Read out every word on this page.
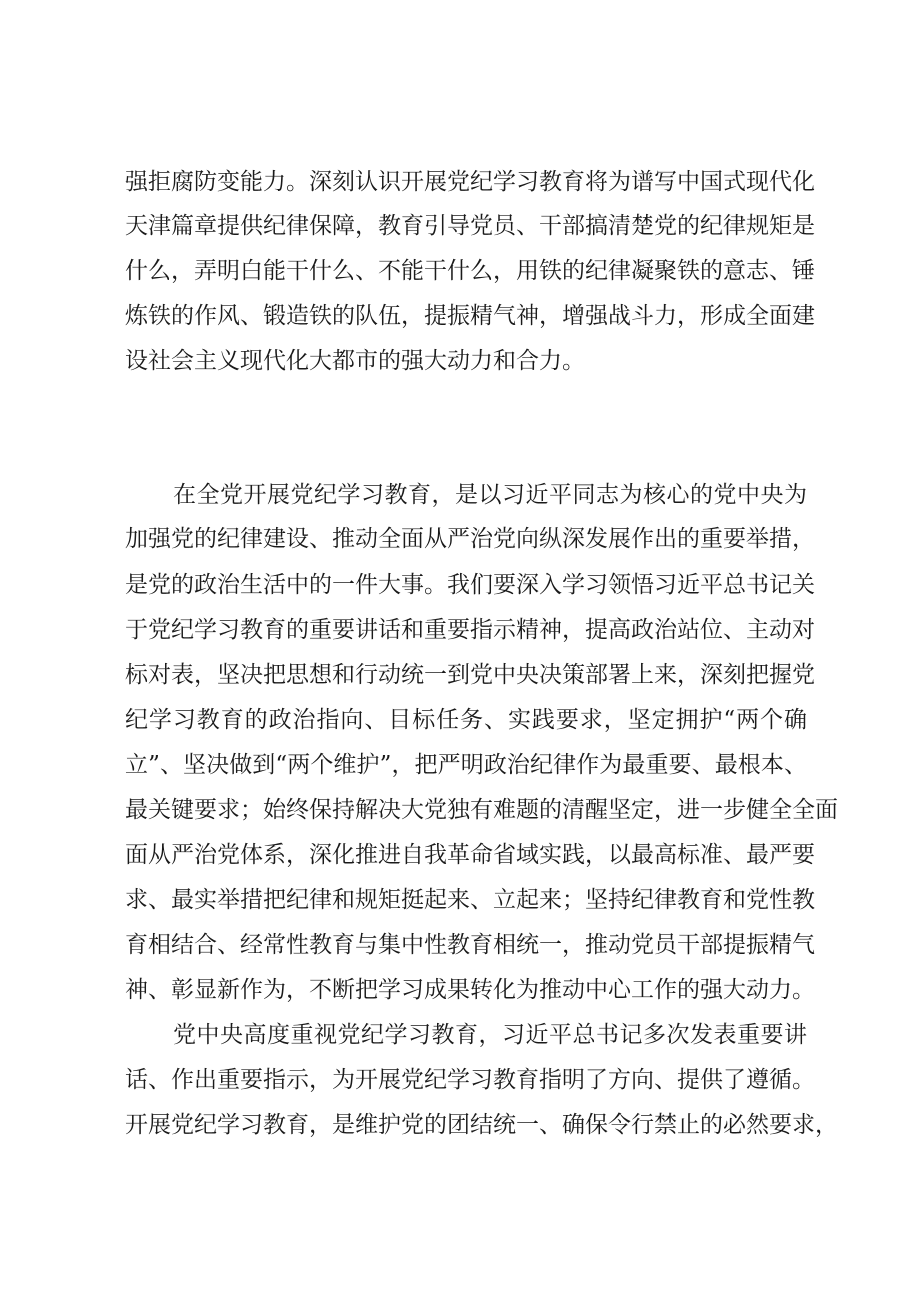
强拒腐防变能力。深刻认识开展党纪学习教育将为谱写中国式现代化
天津篇章提供纪律保障，教育引导党员、干部搞清楚党的纪律规矩是
什么，弄明白能干什么、不能干什么，用铁的纪律凝聚铁的意志、锤
炼铁的作风、锻造铁的队伍，提振精气神，增强战斗力，形成全面建
设社会主义现代化大都市的强大动力和合力。
在全党开展党纪学习教育，是以习近平同志为核心的党中央为
加强党的纪律建设、推动全面从严治党向纵深发展作出的重要举措，
是党的政治生活中的一件大事。我们要深入学习领悟习近平总书记关
于党纪学习教育的重要讲话和重要指示精神，提高政治站位、主动对
标对表，坚决把思想和行动统一到党中央决策部署上来，深刻把握党
纪学习教育的政治指向、目标任务、实践要求，坚定拥护“两个确
立”、坚决做到“两个维护”，把严明政治纪律作为最重要、最根本、
最关键要求；始终保持解决大党独有难题的清醒坚定，进一步健全全面
面从严治党体系，深化推进自我革命省域实践，以最高标准、最严要
求、最实举措把纪律和规矩挺起来、立起来；坚持纪律教育和党性教
育相结合、经常性教育与集中性教育相统一，推动党员干部提振精气
神、彰显新作为，不断把学习成果转化为推动中心工作的强大动力。
党中央高度重视党纪学习教育，习近平总书记多次发表重要讲
话、作出重要指示，为开展党纪学习教育指明了方向、提供了遵循。
开展党纪学习教育，是维护党的团结统一、确保令行禁止的必然要求，
